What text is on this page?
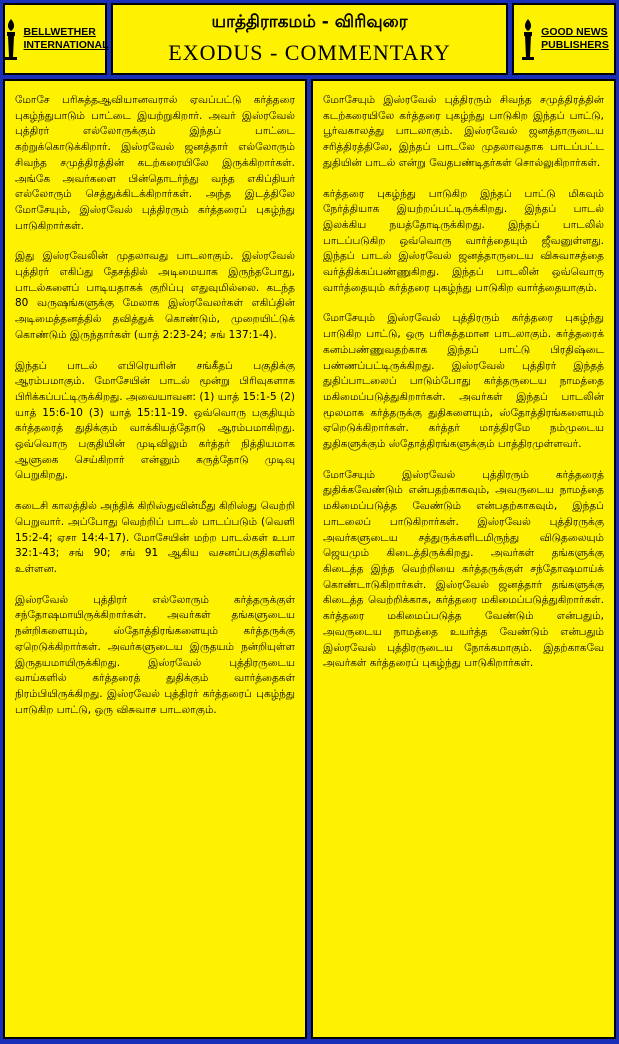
BELLWETHER
INTERNATIONAL
யாத்திராகமம் - விரிவுரை
EXODUS - COMMENTARY
GOOD NEWS
PUBLISHERS

மோசே பரிசுத்தஆவியானவரால் ஏவப்பட்டு கர்த்தரை புகழ்ந்துபாடும் பாட்டை இயற்றுகிறார். அவர் இஸ்ரவேல் புத்திரர் எல்லோருக்கும் இந்தப் பாட்டை கற்றுக்கொடுக்கிறார். இஸ்ரவேல் ஜனத்தார் எல்லோரும் சிவந்த சமுத்திரத்தின் கடற்கரையிலே இருக்கிறார்கள். அங்கே அவர்களை பின்தொடர்ந்து வந்த எகிப்தியர் எல்லோரும் செத்துக்கிடக்கிறார்கள். அந்த இடத்திலே மோசேயும், இஸ்ரவேல் புத்திரரும் கர்த்தரைப் புகழ்ந்து பாடுகிறார்கள்.

இது இஸ்ரவேலின் முதலாவது பாடலாகும். இஸ்ரவேல் புத்திரர் எகிப்து தேசத்தில் அடிமையாக இருந்தபோது, பாடல்களைப் பாடியதாகக் குறிப்பு எதுவுமில்லை. கடந்த 80 வருஷங்களுக்கு மேலாக இஸ்ரவேலர்கள் எகிப்தின் அடிமைத்தனத்தில் தவித்துக் கொண்டும், முறையிட்டுக் கொண்டும் இருந்தார்கள் (யாத் 2:23-24; சங் 137:1-4).

இந்தப் பாடல் எபிரெயரின் சங்கீதப் பகுதிக்கு ஆரம்பமாகும். மோசேயின் பாடல் மூன்று பிரிவுகளாக பிரிக்கப்பட்டிருக்கிறது. அவையாவன: (1) யாத் 15:1-5 (2) யாத் 15:6-10 (3) யாத் 15:11-19. ஒவ்வொரு பகுதியும் கர்த்தரைத் துதிக்கும் வாக்கியத்தோடு ஆரம்பமாகிறது. ஒவ்வொரு பகுதியின் முடிவிலும் கர்த்தர் நித்தியமாக ஆளுகை செய்கிறார் என்னும் கருத்தோடு முடிவு பெறுகிறது.

கடைசி காலத்தில் அந்திக் கிறிஸ்துவின்மீது கிறிஸ்து வெற்றி பெறுவார். அப்போது வெற்றிப் பாடல் பாடப்படும் (வெளி 15:2-4; ஏசா 14:4-17). மோசேயின் மற்ற பாடல்கள் உபா 32:1-43; சங் 90; சங் 91 ஆகிய வசனப்பகுதிகளில் உள்ளன.

இஸ்ரவேல் புத்திரர் எல்லோரும் கர்த்தருக்குள் சந்தோஷமாயிருக்கிறார்கள். அவர்கள் தங்களுடைய நன்றிகளையும், ஸ்தோத்திரங்களையும் கர்த்தருக்கு ஏறெடுக்கிறார்கள். அவர்களுடைய இருதயம் நன்றியுள்ள இருதயமாயிருக்கிறது. இஸ்ரவேல் புத்திரருடைய வாய்களில் கர்த்தரைத் துதிக்கும் வார்த்தைகள் நிரம்பியிருக்கிறது. இஸ்ரவேல் புத்திரர் கர்த்தரைப் புகழ்ந்து பாடுகிற பாட்டு, ஒரு விசுவாச பாடலாகும்.

மோசேயும் இஸ்ரவேல் புத்திரரும் சிவந்த சமுத்திரத்தின் கடற்கரையிலே கர்த்தரை புகழ்ந்து பாடுகிற இந்தப் பாட்டு, பூர்வகாலத்து பாடலாகும். இஸ்ரவேல் ஜனத்தாருடைய சரித்திரத்திலே, இந்தப் பாடலே முதலாவதாக பாடப்பட்ட துதியின் பாடல் என்று வேதபண்டிதர்கள் சொல்லுகிறார்கள்.

கர்த்தரை புகழ்ந்து பாடுகிற இந்தப் பாட்டு மிகவும் நேர்த்தியாக இயற்றப்பட்டிருக்கிறது. இந்தப் பாடல் இலக்கிய நயத்தோடிருக்கிறது. இந்தப் பாடலில் பாடப்படுகிற ஒவ்வொரு வார்த்தையும் ஜீவனுள்ளது. இந்தப் பாடல் இஸ்ரவேல் ஜனத்தாருடைய விசுவாசத்தை வர்த்திக்கப்பண்ணுகிறது. இந்தப் பாடலின் ஒவ்வொரு வார்த்தையும் கர்த்தரை புகழ்ந்து பாடுகிற வார்த்தையாகும்.

மோசேயும் இஸ்ரவேல் புத்திரரும் கர்த்தரை புகழ்ந்து பாடுகிற பாட்டு, ஒரு பரிசுத்தமான பாடலாகும். கர்த்தரைக் கனம்பண்ணுவதற்காக இந்தப் பாட்டு பிரதிஷ்டை பண்ணப்பட்டிருக்கிறது. இஸ்ரவேல் புத்திரர் இந்தத் துதிப்பாடலைப் பாடும்போது கர்த்தருடைய நாமத்தை மகிமைப்படுத்துகிறார்கள். அவர்கள் இந்தப் பாடலின் மூலமாக கர்த்தருக்கு துதிகளையும், ஸ்தோத்திரங்களையும் ஏறெடுக்கிறார்கள். கர்த்தர் மாத்திரமே நம்முடைய துதிகளுக்கும் ஸ்தோத்திரங்களுக்கும் பாத்திரமுள்ளவர்.

மோசேயும் இஸ்ரவேல் புத்திரரும் கர்த்தரைத் துதிக்கவேண்டும் என்பதற்காகவும், அவருடைய நாமத்தை மகிமைப்படுத்த வேண்டும் என்பதற்காகவும், இந்தப் பாடலைப் பாடுகிறார்கள். இஸ்ரவேல் புத்திரருக்கு அவர்களுடைய சத்துருக்களிடமிருந்து விடுதலையும் ஜெயமும் கிடைத்திருக்கிறது. அவர்கள் தங்களுக்கு கிடைத்த இந்த வெற்றியை கர்த்தருக்குள் சந்தோஷமாய்க் கொண்டாடுகிறார்கள். இஸ்ரவேல் ஜனத்தார் தங்களுக்கு கிடைத்த வெற்றிக்காக, கர்த்தரை மகிமைப்படுத்துகிறார்கள். கர்த்தரை மகிமைப்படுத்த வேண்டும் என்பதும், அவருடைய நாமத்தை உயர்த்த வேண்டும் என்பதும் இஸ்ரவேல் புத்திரருடைய நோக்கமாகும். இதற்காகவே அவர்கள் கர்த்தரைப் புகழ்ந்து பாடுகிறார்கள்.
